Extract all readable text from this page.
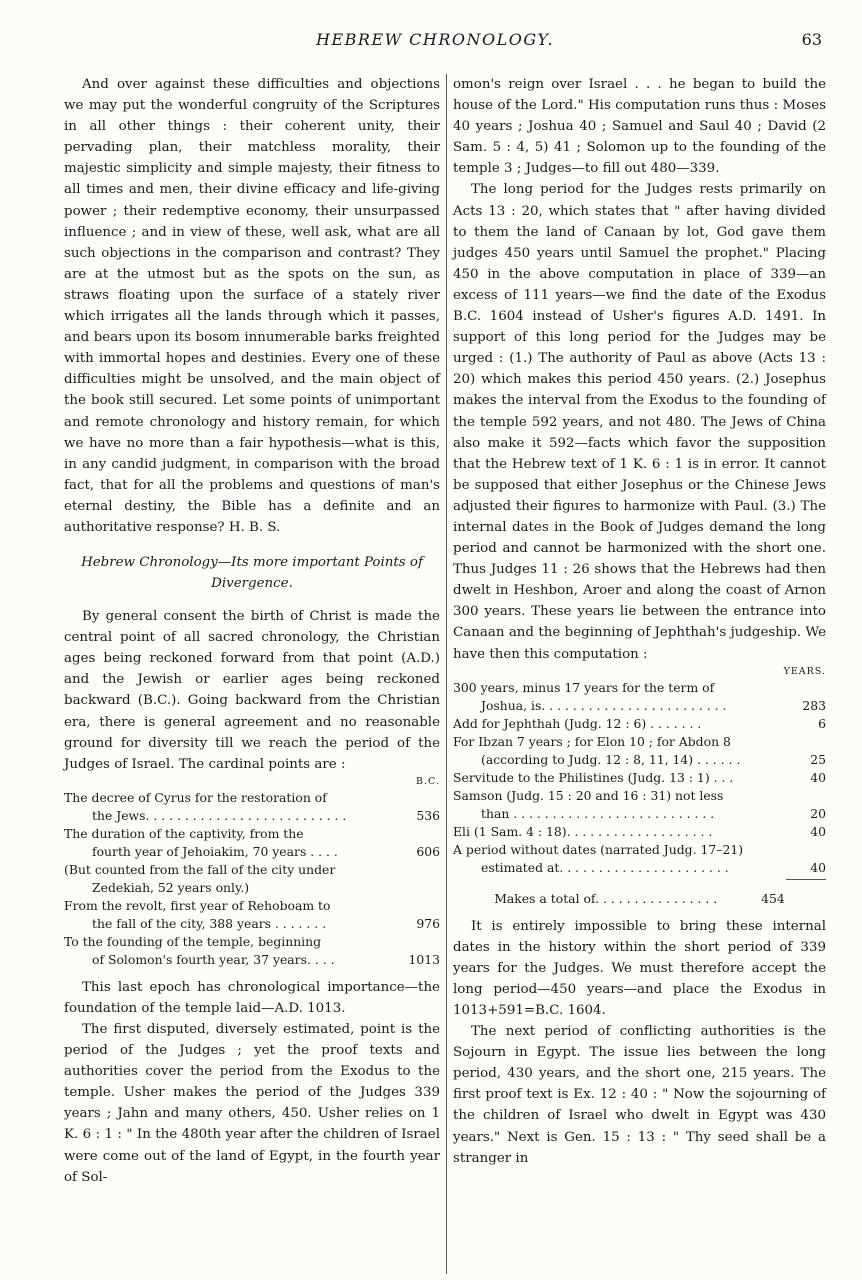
HEBREW CHRONOLOGY.	63

And over against these difficulties and objections we may put the wonderful congruity of the Scriptures in all other things : their coherent unity, their pervading plan, their matchless morality, their majestic simplicity and simple majesty, their fitness to all times and men, their divine efficacy and life-giving power ; their redemptive economy, their unsurpassed influence ; and in view of these, well ask, what are all such objections in the comparison and contrast? They are at the utmost but as the spots on the sun, as straws floating upon the surface of a stately river which irrigates all the lands through which it passes, and bears upon its bosom innumerable barks freighted with immortal hopes and destinies. Every one of these difficulties might be unsolved, and the main object of the book still secured. Let some points of unimportant and remote chronology and history remain, for which we have no more than a fair hypothesis—what is this, in any candid judgment, in comparison with the broad fact, that for all the problems and questions of man's eternal destiny, the Bible has a definite and an authoritative response? H. B. S.

Hebrew Chronology—Its more important Points of
Divergence.

By general consent the birth of Christ is made the central point of all sacred chronology, the Christian ages being reckoned forward from that point (A.D.) and the Jewish or earlier ages being reckoned backward (B.C.). Going backward from the Christian era, there is general agreement and no reasonable ground for diversity till we reach the period of the Judges of Israel. The cardinal points are :

B.C.
The decree of Cyrus for the restoration of
the Jews. . . . . . . . . . . . . . . . . . . . . . . . . .	536
The duration of the captivity, from the
fourth year of Jehoiakim, 70 years . . . .	606
(But counted from the fall of the city under
Zedekiah, 52 years only.)
From the revolt, first year of Rehoboam to
the fall of the city, 388 years . . . . . . .	976
To the founding of the temple, beginning
of Solomon's fourth year, 37 years. . . .	1013

This last epoch has chronological importance—the foundation of the temple laid—A.D. 1013.

The first disputed, diversely estimated, point is the period of the Judges ; yet the proof texts and authorities cover the period from the Exodus to the temple. Usher makes the period of the Judges 339 years ; Jahn and many others, 450. Usher relies on 1 K. 6 : 1 : " In the 480th year after the children of Israel were come out of the land of Egypt, in the fourth year of Sol-

omon's reign over Israel . . . he began to build the house of the Lord." His computation runs thus : Moses 40 years ; Joshua 40 ; Samuel and Saul 40 ; David (2 Sam. 5 : 4, 5) 41 ; Solomon up to the founding of the temple 3 ; Judges—to fill out 480—339.

The long period for the Judges rests primarily on Acts 13 : 20, which states that " after having divided to them the land of Canaan by lot, God gave them judges 450 years until Samuel the prophet." Placing 450 in the above computation in place of 339—an excess of 111 years—we find the date of the Exodus B.C. 1604 instead of Usher's figures A.D. 1491. In support of this long period for the Judges may be urged : (1.) The authority of Paul as above (Acts 13 : 20) which makes this period 450 years. (2.) Josephus makes the interval from the Exodus to the founding of the temple 592 years, and not 480. The Jews of China also make it 592—facts which favor the supposition that the Hebrew text of 1 K. 6 : 1 is in error. It cannot be supposed that either Josephus or the Chinese Jews adjusted their figures to harmonize with Paul. (3.) The internal dates in the Book of Judges demand the long period and cannot be harmonized with the short one. Thus Judges 11 : 26 shows that the Hebrews had then dwelt in Heshbon, Aroer and along the coast of Arnon 300 years. These years lie between the entrance into Canaan and the beginning of Jephthah's judgeship. We have then this computation :

YEARS.
300 years, minus 17 years for the term of
Joshua, is. . . . . . . . . . . . . . . . . . . . . . . .	283
Add for Jephthah (Judg. 12 : 6) . . . . . . .	6
For Ibzan 7 years ; for Elon 10 ; for Abdon 8
(according to Judg. 12 : 8, 11, 14) . . . . . .	25
Servitude to the Philistines (Judg. 13 : 1) . . .	40
Samson (Judg. 15 : 20 and 16 : 31) not less
than . . . . . . . . . . . . . . . . . . . . . . . . . .	20
Eli (1 Sam. 4 : 18). . . . . . . . . . . . . . . . . . .	40
A period without dates (narrated Judg. 17–21)
estimated at. . . . . . . . . . . . . . . . . . . . . .	40
Makes a total of. . . . . . . . . . . . . . . .	454

It is entirely impossible to bring these internal dates in the history within the short period of 339 years for the Judges. We must therefore accept the long period—450 years—and place the Exodus in 1013+591=B.C. 1604.

The next period of conflicting authorities is the Sojourn in Egypt. The issue lies between the long period, 430 years, and the short one, 215 years. The first proof text is Ex. 12 : 40 : " Now the sojourning of the children of Israel who dwelt in Egypt was 430 years." Next is Gen. 15 : 13 : " Thy seed shall be a stranger in
